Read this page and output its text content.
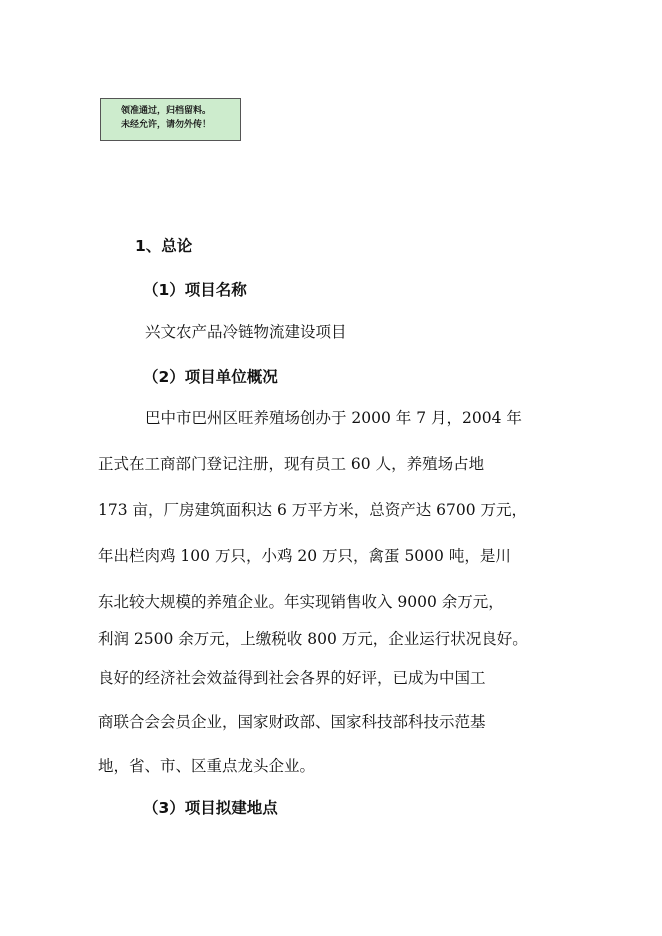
领准通过，归档留料。
未经允许，请勿外传！
1、总论
（1）项目名称
兴文农产品冷链物流建设项目
（2）项目单位概况
巴中市巴州区旺养殖场创办于 2000 年 7 月，2004 年
正式在工商部门登记注册，现有员工 60 人，养殖场占地
173 亩，厂房建筑面积达 6 万平方米，总资产达 6700 万元，
年出栏肉鸡 100 万只，小鸡 20 万只，禽蛋 5000 吨，是川
东北较大规模的养殖企业。年实现销售收入 9000 余万元，
利润 2500 余万元，上缴税收 800 万元，企业运行状况良好。
良好的经济社会效益得到社会各界的好评，已成为中国工
商联合会会员企业，国家财政部、国家科技部科技示范基
地，省、市、区重点龙头企业。
（3）项目拟建地点
